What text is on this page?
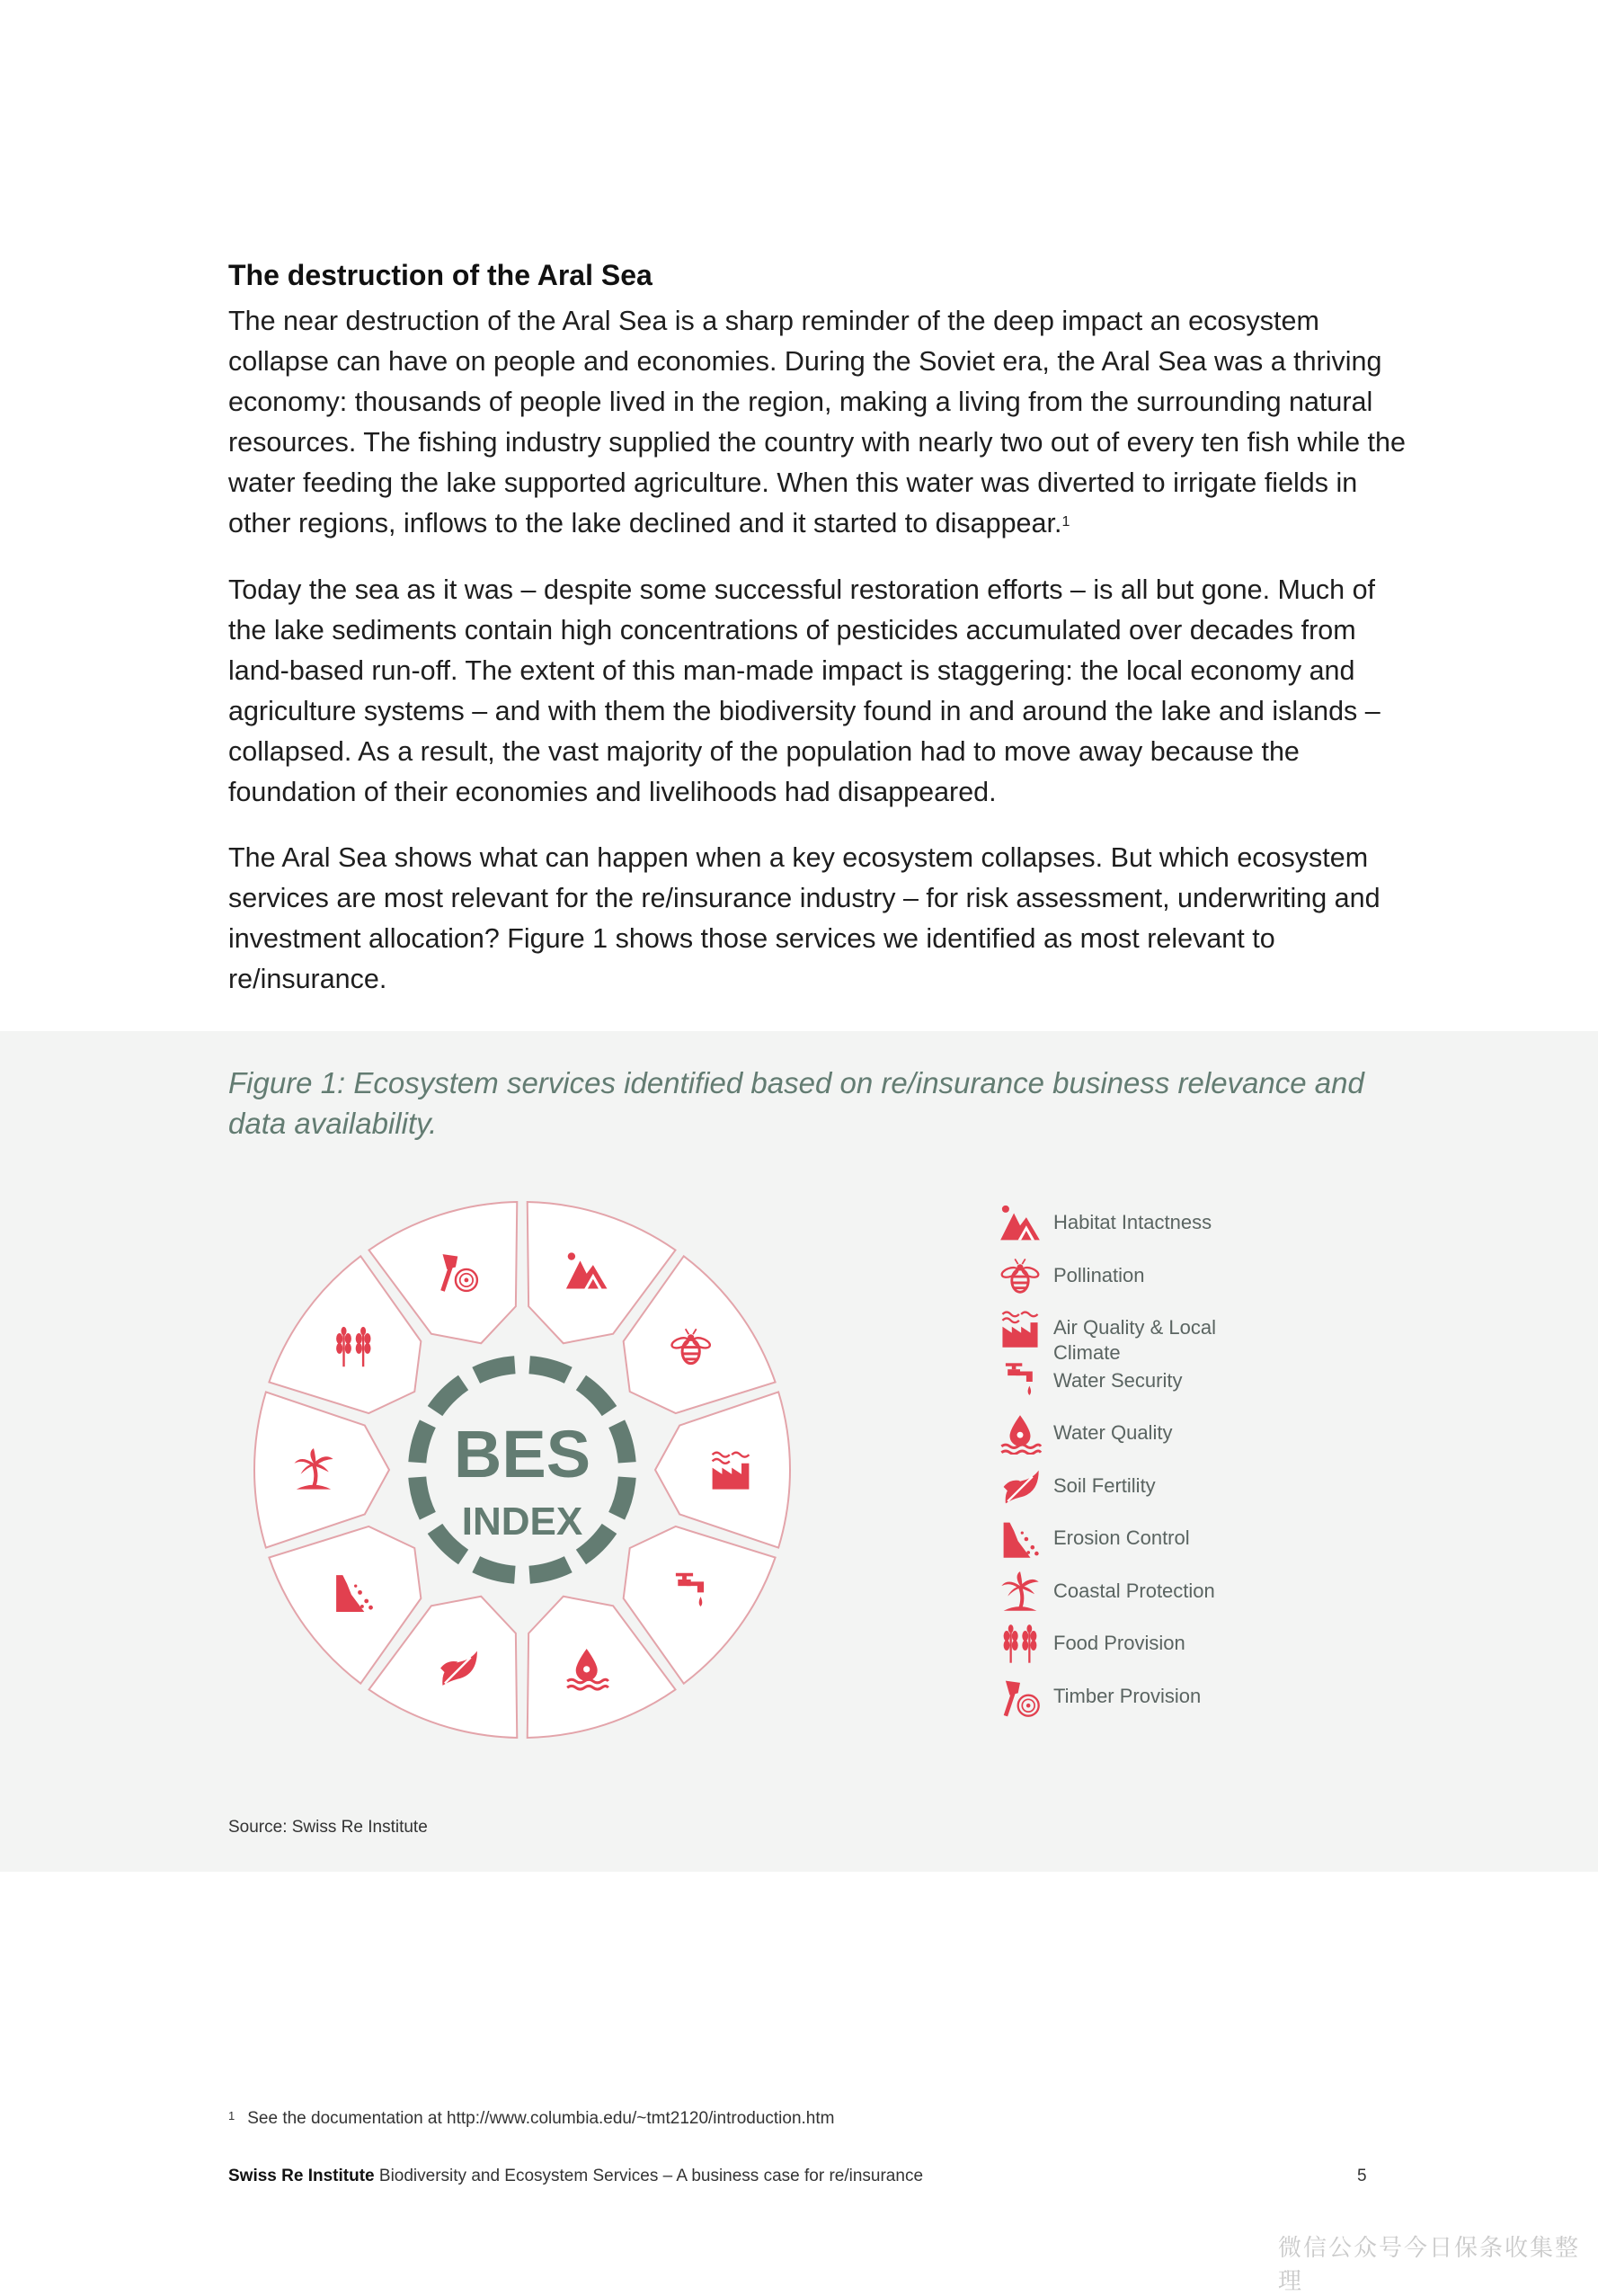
The destruction of the Aral Sea

The near destruction of the Aral Sea is a sharp reminder of the deep impact an ecosystem collapse can have on people and economies. During the Soviet era, the Aral Sea was a thriving economy: thousands of people lived in the region, making a living from the surrounding natural resources. The fishing industry supplied the country with nearly two out of every ten fish while the water feeding the lake supported agriculture. When this water was diverted to irrigate fields in other regions, inflows to the lake declined and it started to disappear.$^1$

Today the sea as it was – despite some successful restoration efforts – is all but gone. Much of the lake sediments contain high concentrations of pesticides accumulated over decades from land-based run-off. The extent of this man-made impact is staggering: the local economy and agriculture systems – and with them the biodiversity found in and around the lake and islands – collapsed. As a result, the vast majority of the population had to move away because the foundation of their economies and livelihoods had disappeared.

The Aral Sea shows what can happen when a key ecosystem collapses. But which ecosystem services are most relevant for the re/insurance industry – for risk assessment, underwriting and investment allocation? Figure 1 shows those services we identified as most relevant to re/insurance.

Figure 1: Ecosystem services identified based on re/insurance business relevance and data availability.
BES
INDEX
Habitat Intactness
Pollination
Air Quality & Local Climate
Water Security
Water Quality
Soil Fertility
Erosion Control
Coastal Protection
Food Provision
Timber Provision
Source: Swiss Re Institute
$^1$ See the documentation at http://www.columbia.edu/~tmt2120/introduction.htm
Swiss Re Institute Biodiversity and Ecosystem Services – A business case for re/insurance	5
微信公众号今日保条收集整理
